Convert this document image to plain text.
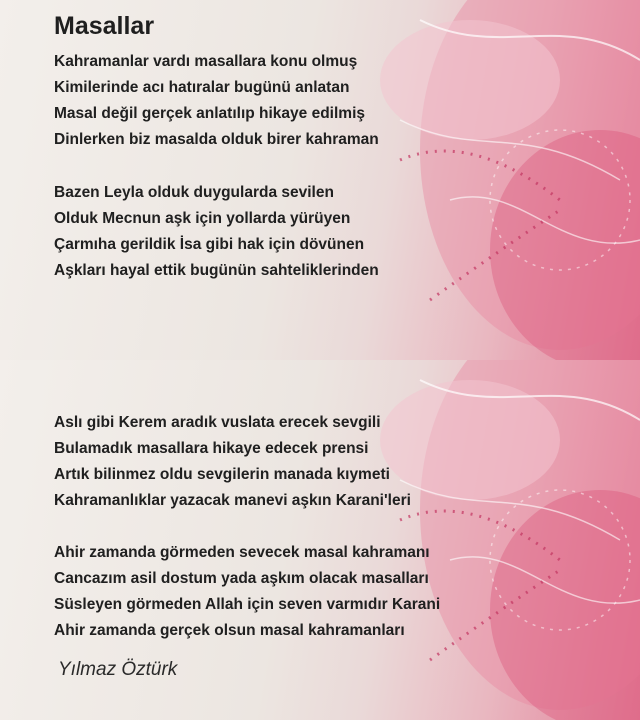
Masallar
Kahramanlar vardı masallara konu olmuş
Kimilerinde acı hatıralar bugünü anlatan
Masal değil gerçek anlatılıp hikaye edilmiş
Dinlerken biz masalda olduk birer kahraman
Bazen Leyla olduk duygularda sevilen
Olduk Mecnun aşk için yollarda yürüyen
Çarmıha gerildik İsa gibi hak için dövünen
Aşkları hayal ettik bugünün sahteliklerinden
Aslı gibi Kerem aradık vuslata erecek sevgili
Bulamadık masallara hikaye edecek prensi
Artık bilinmez oldu sevgilerin manada kıymeti
Kahramanlıklar yazacak manevi aşkın Karani'leri
Ahir zamanda görmeden sevecek masal kahramanı
Cancazım asil dostum yada aşkım olacak masalları
Süsleyen görmeden Allah için seven varmıdır Karani
Ahir zamanda gerçek olsun masal kahramanları
Yılmaz Öztürk
